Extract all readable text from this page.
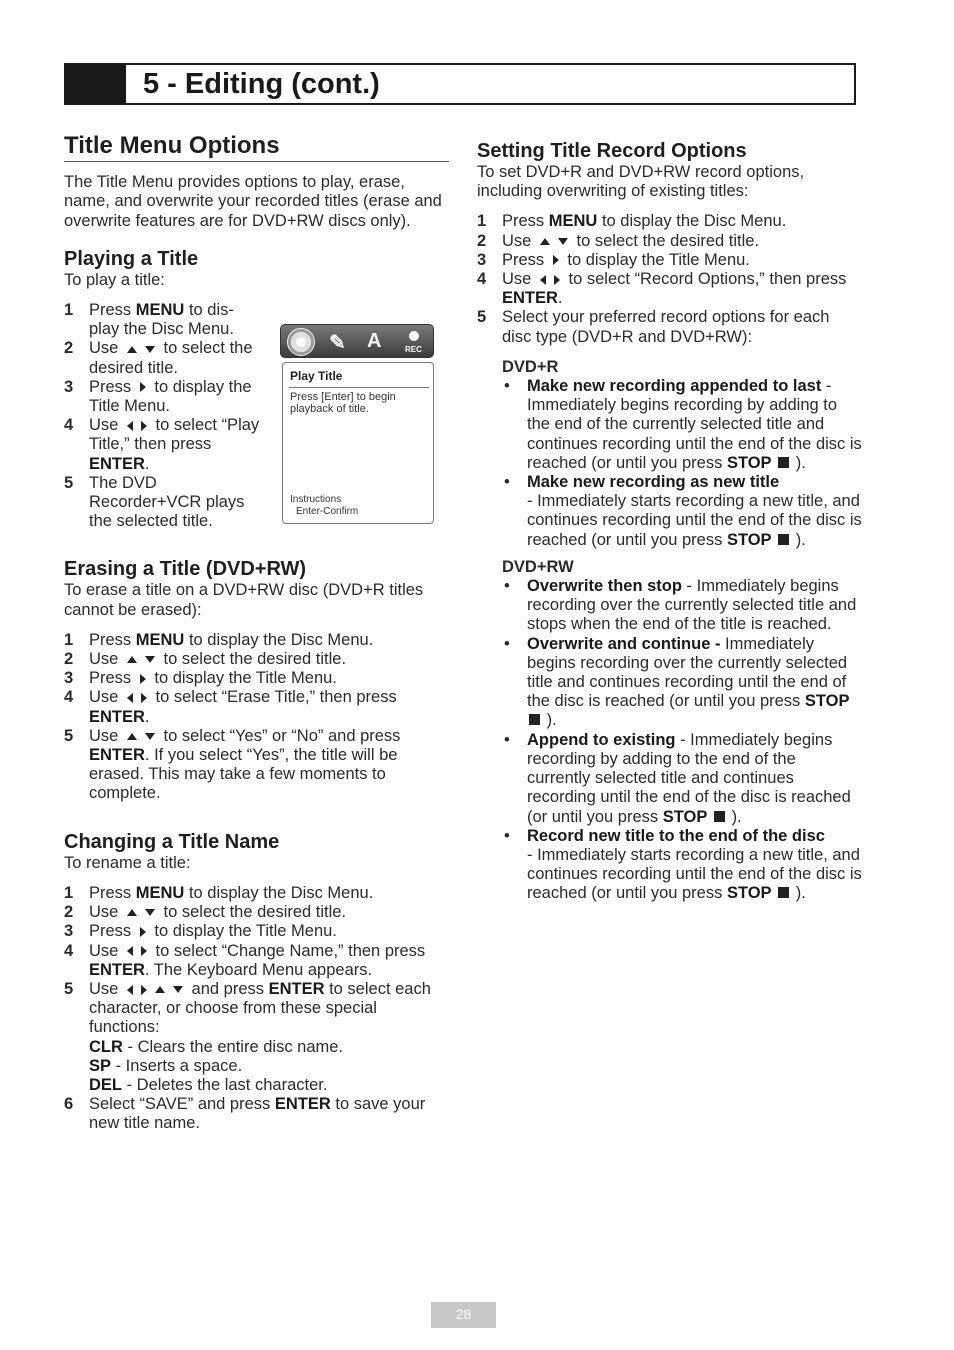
5 - Editing (cont.)
Title Menu Options

The Title Menu provides options to play, erase, name, and overwrite your recorded titles (erase and overwrite features are for DVD+RW discs only).

Playing a Title

To play a title:

1 Press MENU to dis-play the Disc Menu.
2 Use	to select the desired title.
3 Press to display the Title Menu.
4 Use to select “Play Title,” then press ENTER.
5 The DVD Recorder+VCR plays the selected title.
Erasing a Title (DVD+RW)

To erase a title on a DVD+RW disc (DVD+R titles cannot be erased):

1 Press MENU to display the Disc Menu.
2 Use	to select the desired title.
3 Press to display the Title Menu.
4 Use to select “Erase Title,” then press ENTER.
5 Use	to select “Yes” or “No” and press ENTER. If you select “Yes”, the title will be erased. This may take a few moments to complete.
Changing a Title Name

To rename a title:

1 Press MENU to display the Disc Menu.
2 Use	to select the desired title.
3 Press to display the Title Menu.
4 Use to select “Change Name,” then press ENTER. The Keyboard Menu appears.
5 Use	and press ENTER to select each character, or choose from these special functions:
CLR - Clears the entire disc name.
SP - Inserts a space.
DEL - Deletes the last character.
6 Select “SAVE” and press ENTER to save your new title name.
✎ A	REC
Play Title
Press [Enter] to begin playback of title.
Instructions
Enter-Confirm
Setting Title Record Options

To set DVD+R and DVD+RW record options, including overwriting of existing titles:

1 Press MENU to display the Disc Menu.
2 Use	to select the desired title.
3 Press to display the Title Menu.
4 Use to select “Record Options,” then press ENTER.
5 Select your preferred record options for each disc type (DVD+R and DVD+RW):
DVD+R
•	Make new recording appended to last - Immediately begins recording by adding to the end of the currently selected title and continues recording until the end of the disc is reached (or until you press STOP ).
•	Make new recording as new title
- Immediately starts recording a new title, and continues recording until the end of the disc is reached (or until you press STOP ).
DVD+RW
•	Overwrite then stop - Immediately begins recording over the currently selected title and stops when the end of the title is reached.
•	Overwrite and continue - Immediately begins recording over the currently selected title and continues recording until the end of the disc is reached (or until you press STOP  ).
•	Append to existing - Immediately begins recording by adding to the end of the currently selected title and continues recording until the end of the disc is reached (or until you press STOP ).
•	Record new title to the end of the disc
- Immediately starts recording a new title, and continues recording until the end of the disc is reached (or until you press STOP ).
28
